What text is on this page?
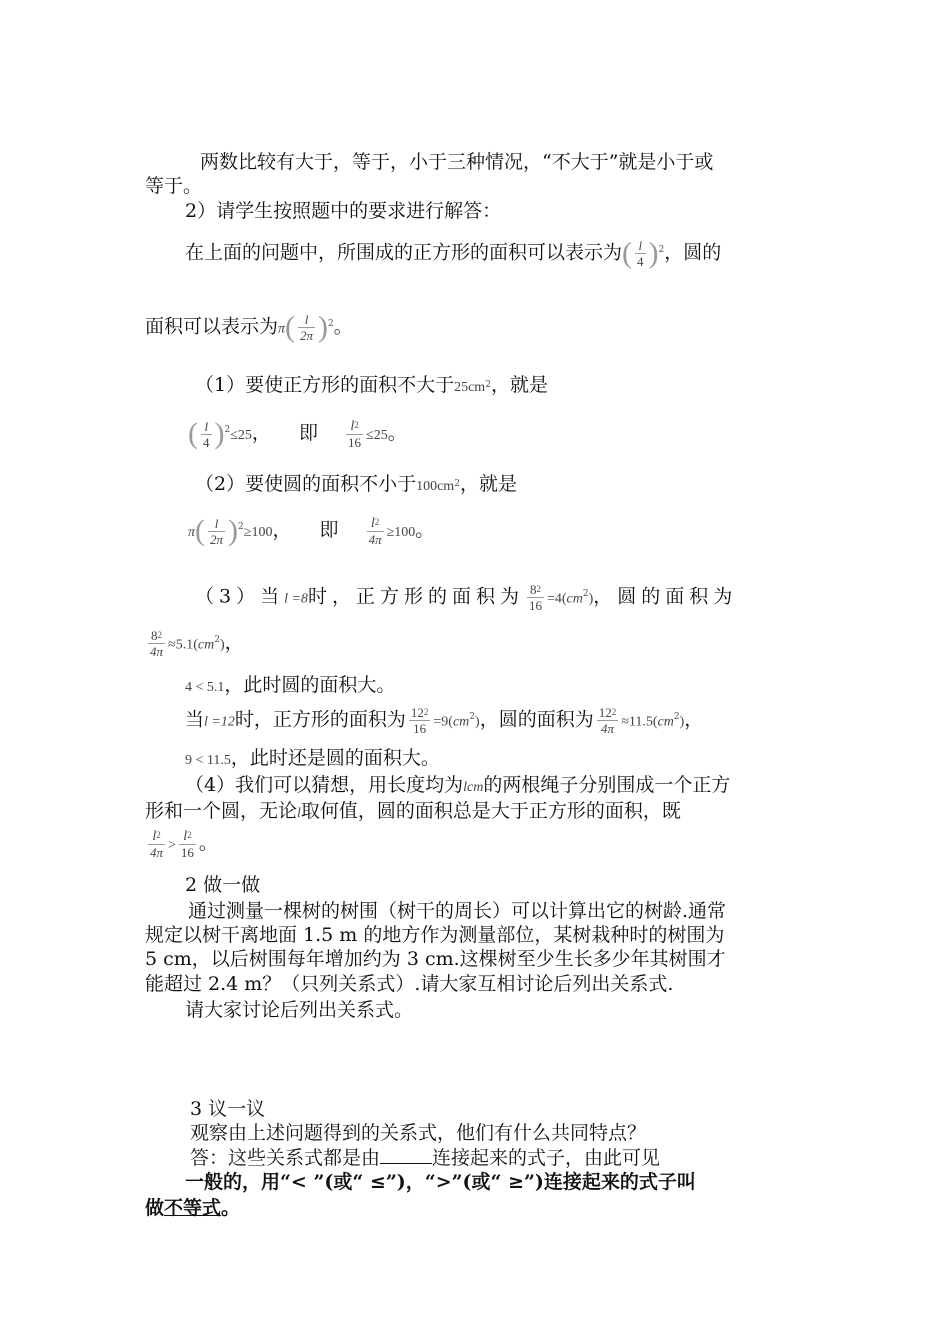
两数比较有大于，等于，小于三种情况，“不大于”就是小于或
等于。
2）请学生按照题中的要求进行解答：
在上面的问题中，所围成的正方形的面积可以表示为( $\frac{l}{4} )^2$，圆的
面积可以表示为$\pi( \frac{l}{2\pi} )^2$。
（1）要使正方形的面积不大于$25cm^2$，就是
( $\frac{l}{4} )^2\le 25$， 即 $\frac{l^2}{16} \le 25$。
（2）要使圆的面积不小于$100cm^2$，就是
$\pi( \frac{l}{2\pi} )^2\ge 100$， 即 $\frac{l^2}{4\pi} \ge 100$。
（3）当l =8时，正方形的面积为 $\frac{8^2}{16} =4(cm^2)$，圆的面积为
$\frac{8^2}{4\pi} \approx 5.1(cm^2)$，
4 < 5.1，此时圆的面积大。
当l =12时，正方形的面积为 $\frac{12^2}{16} =9(cm^2)$，圆的面积为 $\frac{12^2}{4\pi} \approx 11.5(cm^2)$，
9 < 11.5，此时还是圆的面积大。
（4）我们可以猜想，用长度均为lcm的两根绳子分别围成一个正方
形和一个圆，无论l取何值，圆的面积总是大于正方形的面积，既
$\frac{l^2}{4\pi} > \frac{l^2}{16}$ 。
2 做一做
通过测量一棵树的树围（树干的周长）可以计算出它的树龄.通常
规定以树干离地面 1.5 m 的地方作为测量部位，某树栽种时的树围为
5 cm，以后树围每年增加约为 3 cm.这棵树至少生长多少年其树围才
能超过 2.4 m？（只列关系式）.请大家互相讨论后列出关系式.
请大家讨论后列出关系式。
3 议一议
观察由上述问题得到的关系式，他们有什么共同特点？
答：这些关系式都是由	连接起来的式子，由此可见
一般的，用“< ”(或“ ≤”)，“>”(或“ ≥”)连接起来的式子叫
做不等式。
